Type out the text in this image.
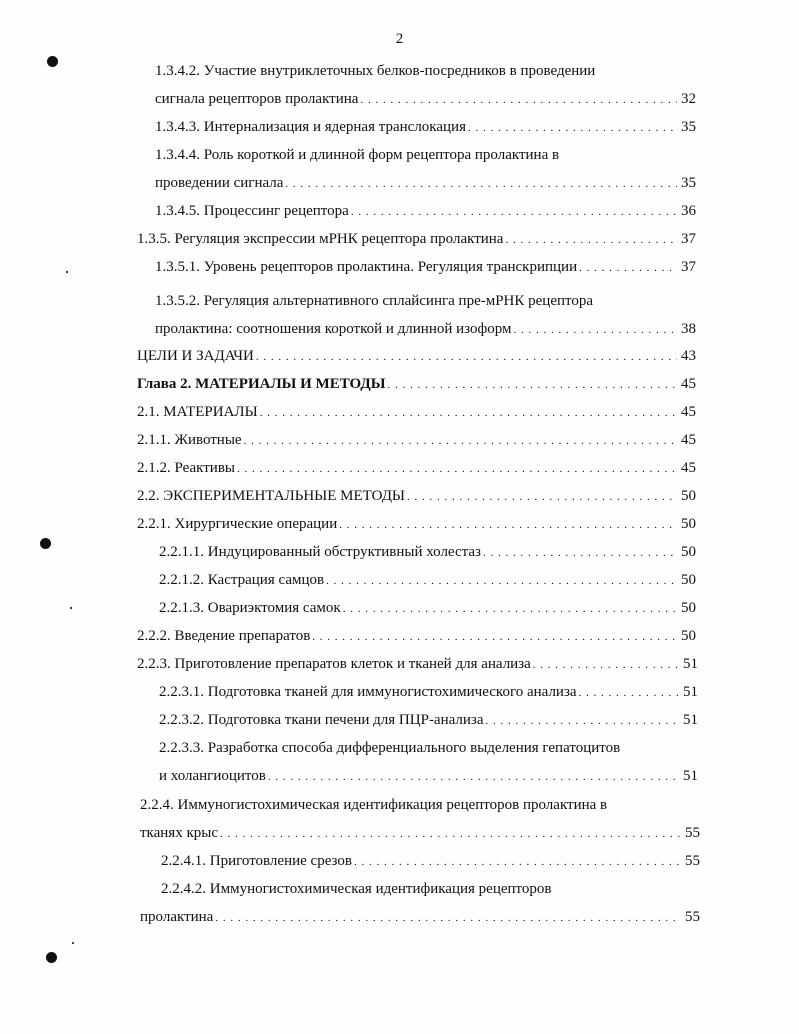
2
1.3.4.2. Участие внутриклеточных белков-посредников в проведении
сигнала рецепторов пролактина . . .	32
1.3.4.3. Интернализация и ядерная транслокация . . .	35
1.3.4.4. Роль короткой и длинной форм рецептора пролактина в
проведении сигнала . . .	35
1.3.4.5. Процессинг рецептора . . .	36
1.3.5. Регуляция экспрессии мРНК рецептора пролактина . . .	37
1.3.5.1. Уровень рецепторов пролактина. Регуляция транскрипции . . .	37
1.3.5.2. Регуляция альтернативного сплайсинга пре-мРНК рецептора
пролактина: соотношения короткой и длинной изоформ . . .	38
ЦЕЛИ И ЗАДАЧИ . . .	43
Глава 2. МАТЕРИАЛЫ И МЕТОДЫ . . .	45
2.1. МАТЕРИАЛЫ . . .	45
2.1.1. Животные . . .	45
2.1.2. Реактивы . . .	45
2.2. ЭКСПЕРИМЕНТАЛЬНЫЕ МЕТОДЫ . . .	50
2.2.1. Хирургические операции . . .	50
2.2.1.1. Индуцированный обструктивный холестаз . . .	50
2.2.1.2. Кастрация самцов . . .	50
2.2.1.3. Овариэктомия самок . . .	50
2.2.2. Введение препаратов . . .	50
2.2.3. Приготовление препаратов клеток и тканей для анализа . . .	51
2.2.3.1. Подготовка тканей для иммуногистохимического анализа . . .	51
2.2.3.2. Подготовка ткани печени для ПЦР-анализа . . .	51
2.2.3.3. Разработка способа дифференциального выделения гепатоцитов
и холангиоцитов . . .	51
2.2.4. Иммуногистохимическая идентификация рецепторов пролактина в
тканях крыс . . .	55
2.2.4.1. Приготовление срезов . . .	55
2.2.4.2. Иммуногистохимическая идентификация рецепторов
пролактина . . .	55
